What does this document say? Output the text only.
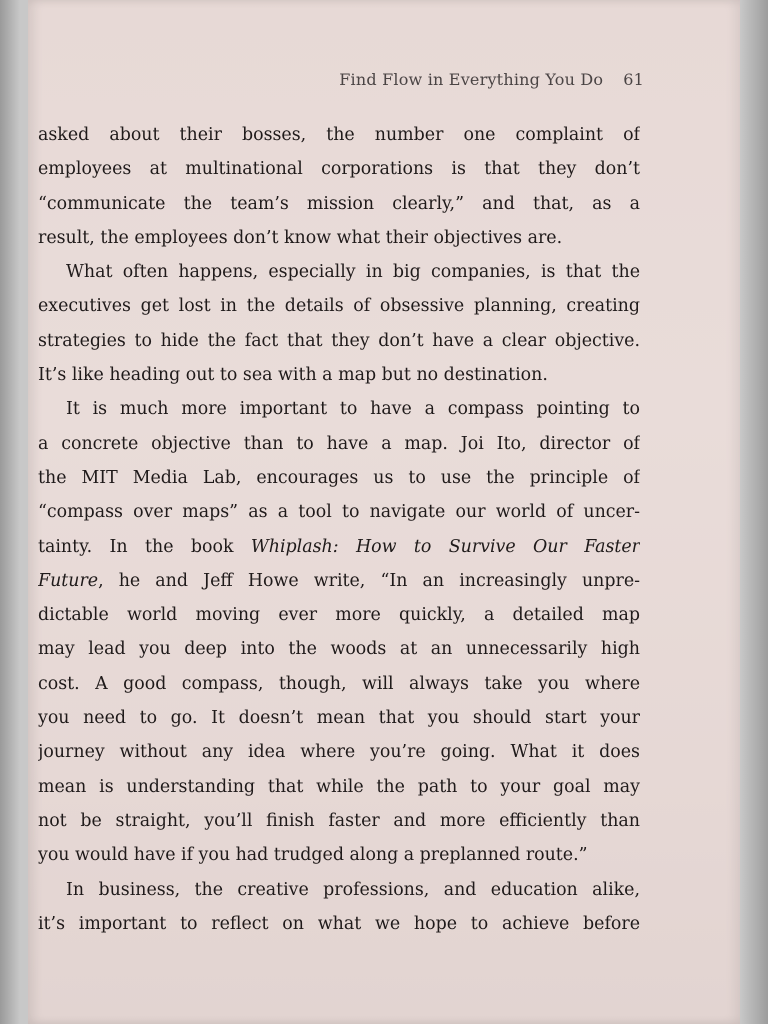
Find Flow in Everything You Do 61
asked about their bosses, the number one complaint of
employees at multinational corporations is that they don’t
“communicate the team’s mission clearly,” and that, as a
result, the employees don’t know what their objectives are.
What often happens, especially in big companies, is that the
executives get lost in the details of obsessive planning, creating
strategies to hide the fact that they don’t have a clear objective.
It’s like heading out to sea with a map but no destination.
It is much more important to have a compass pointing to
a concrete objective than to have a map. Joi Ito, director of
the MIT Media Lab, encourages us to use the principle of
“compass over maps” as a tool to navigate our world of uncer-
tainty. In the book Whiplash: How to Survive Our Faster
Future, he and Jeff Howe write, “In an increasingly unpre-
dictable world moving ever more quickly, a detailed map
may lead you deep into the woods at an unnecessarily high
cost. A good compass, though, will always take you where
you need to go. It doesn’t mean that you should start your
journey without any idea where you’re going. What it does
mean is understanding that while the path to your goal may
not be straight, you’ll finish faster and more efficiently than
you would have if you had trudged along a preplanned route.”
In business, the creative professions, and education alike,
it’s important to reflect on what we hope to achieve before
